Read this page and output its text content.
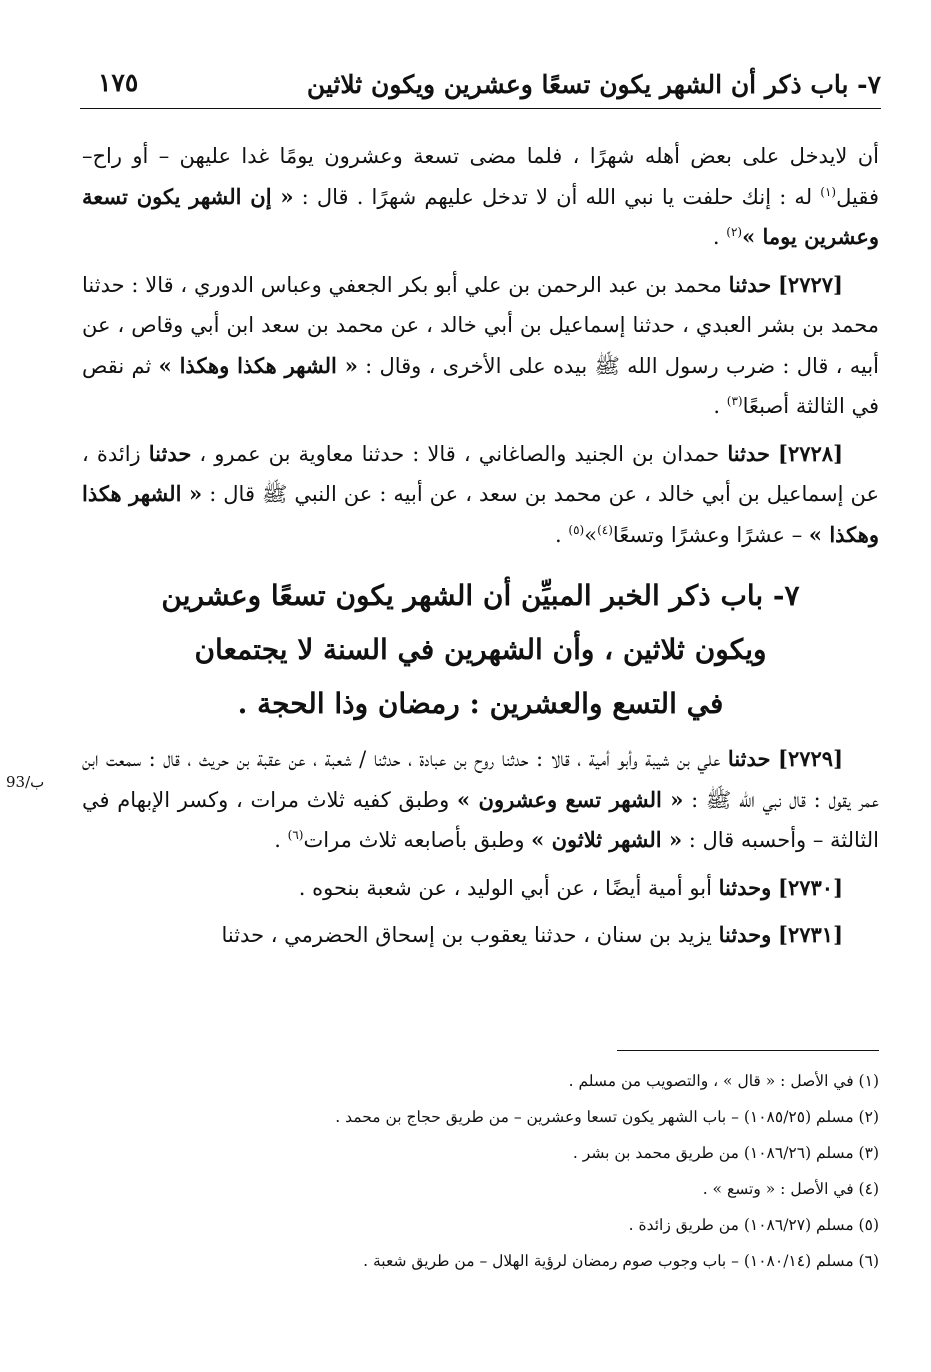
٧- باب ذكر أن الشهر يكون تسعًا وعشرين ويكون ثلاثين
١٧٥

أن لايدخل على بعض أهله شهرًا ، فلما مضى تسعة وعشرون يومًا غدا عليهن – أو راح– فقيل$^{(١)}$ له : إنك حلفت يا نبي الله أن لا تدخل عليهم شهرًا . قال : « إن الشهر يكون تسعة وعشرين يوما »$^{(٢)}$ .

[٢٧٢٧] حدثنا محمد بن عبد الرحمن بن علي أبو بكر الجعفي وعباس الدوري ، قالا : حدثنا محمد بن بشر العبدي ، حدثنا إسماعيل بن أبي خالد ، عن محمد بن سعد ابن أبي وقاص ، عن أبيه ، قال : ضرب رسول الله ﷺ بيده على الأخرى ، وقال : « الشهر هكذا وهكذا » ثم نقص في الثالثة أصبعًا$^{(٣)}$ .

[٢٧٢٨] حدثنا حمدان بن الجنيد والصاغاني ، قالا : حدثنا معاوية بن عمرو ، حدثنا زائدة ، عن إسماعيل بن أبي خالد ، عن محمد بن سعد ، عن أبيه : عن النبي ﷺ قال : « الشهر هكذا وهكذا » – عشرًا وعشرًا وتسعًا$^{(٤)}$»$^{(٥)}$ .

٧- باب ذكر الخبر المبيِّن أن الشهر يكون تسعًا وعشرين
ويكون ثلاثين ، وأن الشهرين في السنة لا يجتمعان
في التسع والعشرين : رمضان وذا الحجة .

[٢٧٢٩] حدثنا علي بن شيبة وأبو أمية ، قالا : حدثنا روح بن عبادة ، حدثنا / شعبة ، عن عقبة بن حريث ، قال : سمعت ابن عمر يقول : قال نبي الله ﷺ : « الشهر تسع وعشرون » وطبق كفيه ثلاث مرات ، وكسر الإبهام في الثالثة – وأحسبه قال : « الشهر ثلاثون » وطبق بأصابعه ثلاث مرات$^{(٦)}$ .

[٢٧٣٠] وحدثنا أبو أمية أيضًا ، عن أبي الوليد ، عن شعبة بنحوه .

[٢٧٣١] وحدثنا يزيد بن سنان ، حدثنا يعقوب بن إسحاق الحضرمي ، حدثنا

93/ب
(١) في الأصل : « قال » ، والتصويب من مسلم .
(٢) مسلم (١٠٨٥/٢٥) – باب الشهر يكون تسعا وعشرين – من طريق حجاج بن محمد .
(٣) مسلم (١٠٨٦/٢٦) من طريق محمد بن بشر .
(٤) في الأصل : « وتسع » .
(٥) مسلم (١٠٨٦/٢٧) من طريق زائدة .
(٦) مسلم (١٠٨٠/١٤) – باب وجوب صوم رمضان لرؤية الهلال – من طريق شعبة .
